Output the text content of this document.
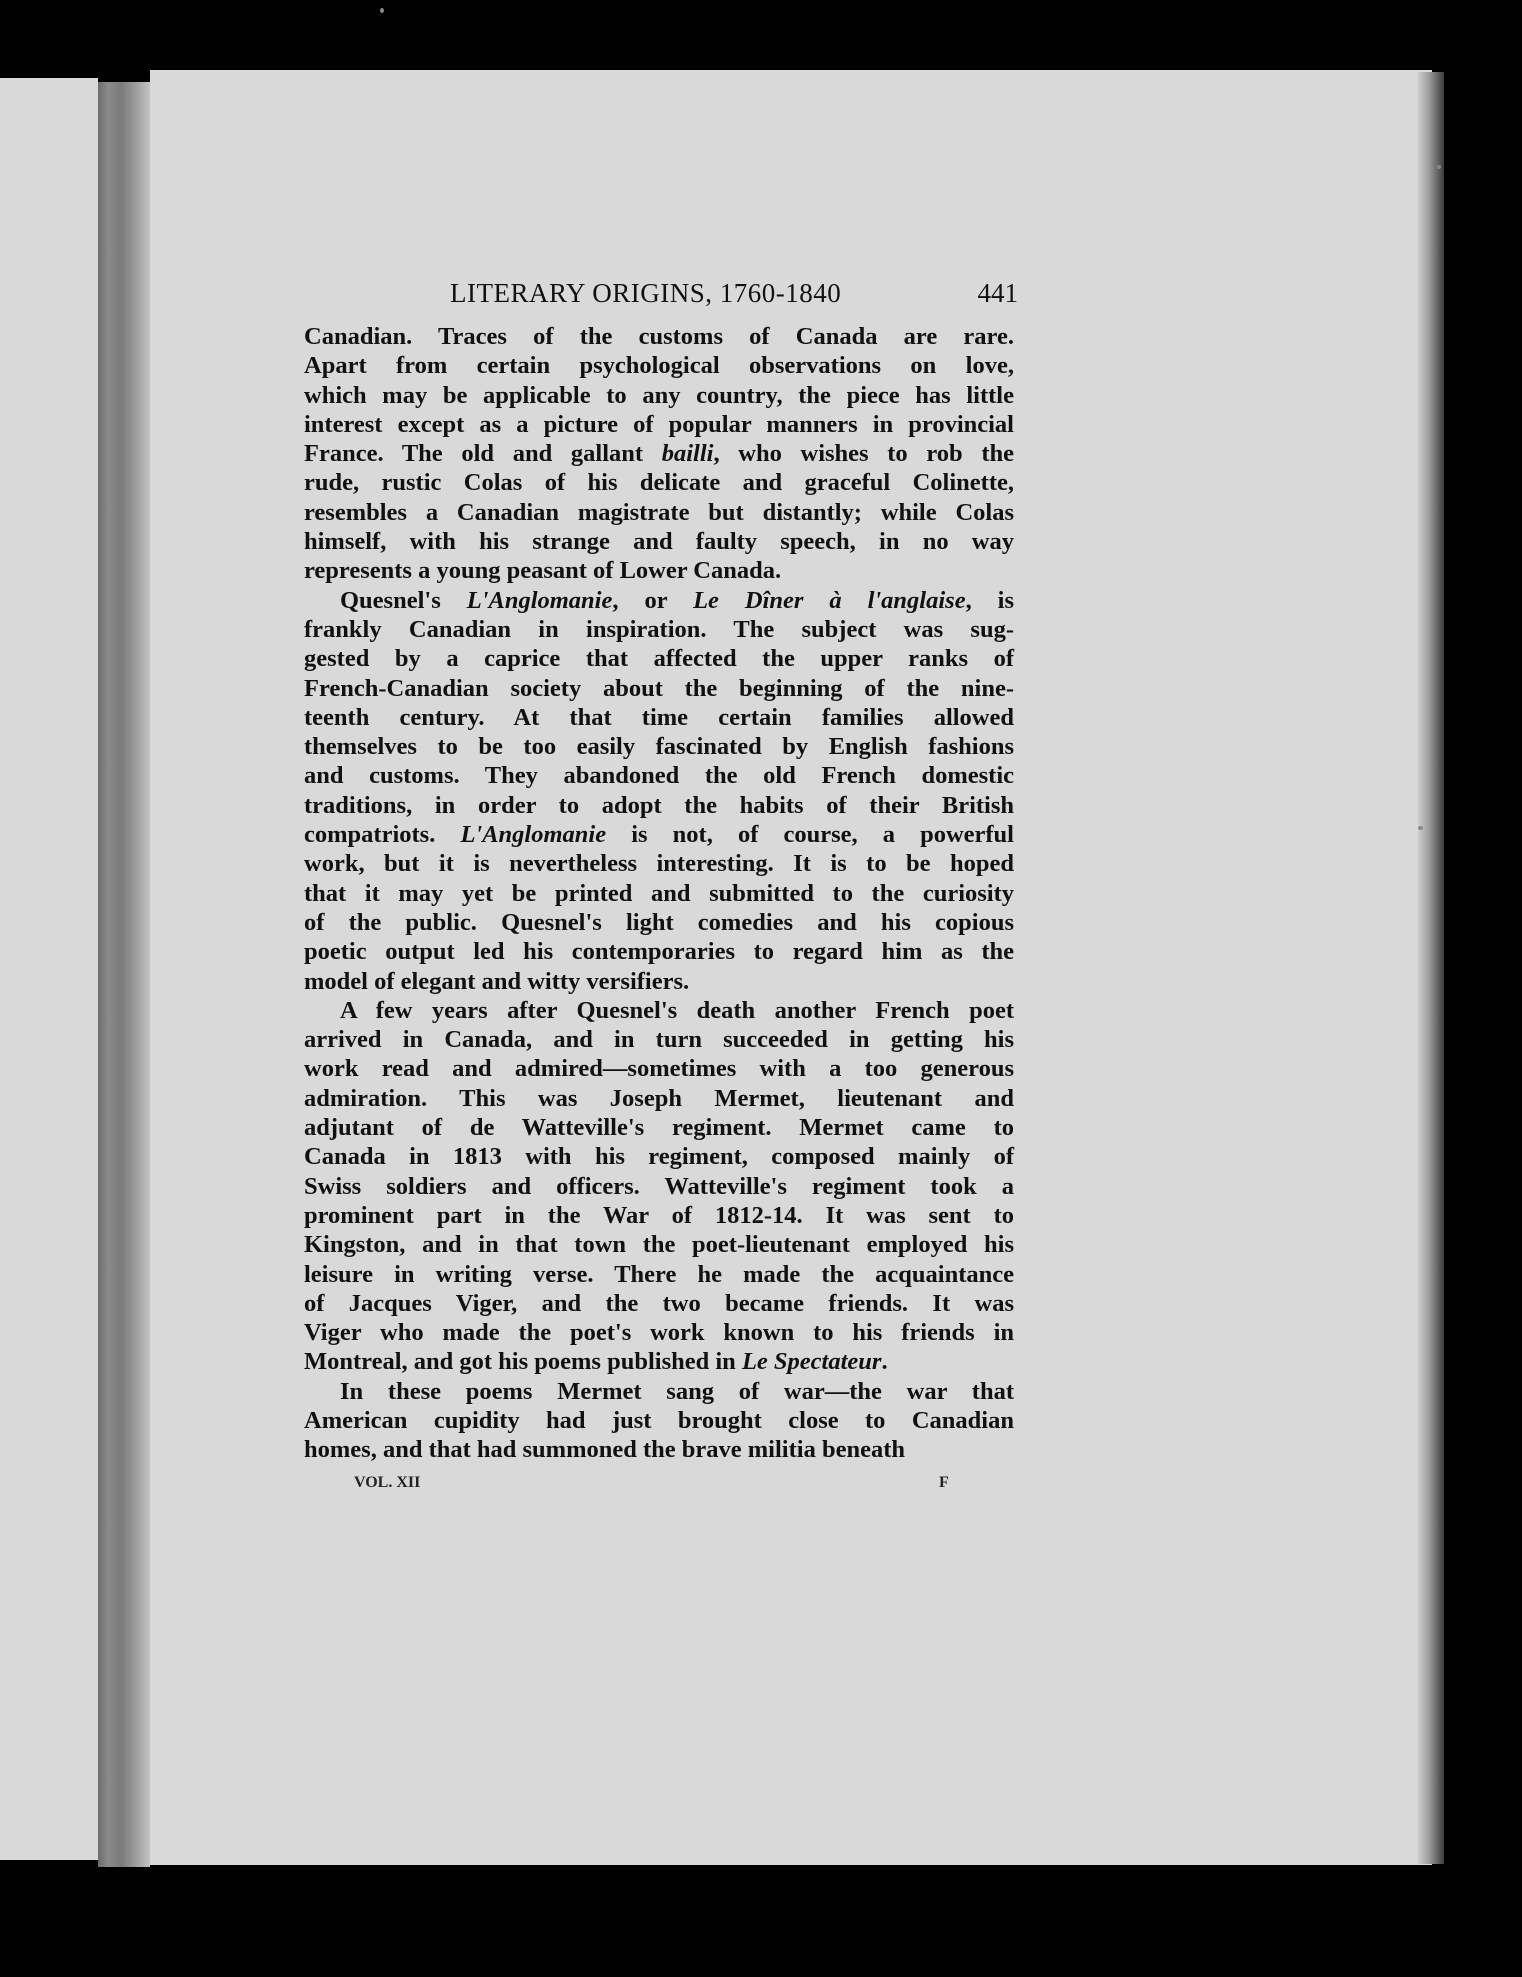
LITERARY ORIGINS, 1760-1840	441

Canadian. Traces of the customs of Canada are rare.
Apart from certain psychological observations on love,
which may be applicable to any country, the piece has little
interest except as a picture of popular manners in provincial
France. The old and gallant bailli, who wishes to rob the
rude, rustic Colas of his delicate and graceful Colinette,
resembles a Canadian magistrate but distantly; while Colas
himself, with his strange and faulty speech, in no way
represents a young peasant of Lower Canada.

Quesnel's L'Anglomanie, or Le Dîner à l'anglaise, is
frankly Canadian in inspiration. The subject was sug-
gested by a caprice that affected the upper ranks of
French-Canadian society about the beginning of the nine-
teenth century. At that time certain families allowed
themselves to be too easily fascinated by English fashions
and customs. They abandoned the old French domestic
traditions, in order to adopt the habits of their British
compatriots. L'Anglomanie is not, of course, a powerful
work, but it is nevertheless interesting. It is to be hoped
that it may yet be printed and submitted to the curiosity
of the public. Quesnel's light comedies and his copious
poetic output led his contemporaries to regard him as the
model of elegant and witty versifiers.

A few years after Quesnel's death another French poet
arrived in Canada, and in turn succeeded in getting his
work read and admired—sometimes with a too generous
admiration. This was Joseph Mermet, lieutenant and
adjutant of de Watteville's regiment. Mermet came to
Canada in 1813 with his regiment, composed mainly of
Swiss soldiers and officers. Watteville's regiment took a
prominent part in the War of 1812-14. It was sent to
Kingston, and in that town the poet-lieutenant employed his
leisure in writing verse. There he made the acquaintance
of Jacques Viger, and the two became friends. It was
Viger who made the poet's work known to his friends in
Montreal, and got his poems published in Le Spectateur.

In these poems Mermet sang of war—the war that
American cupidity had just brought close to Canadian
homes, and that had summoned the brave militia beneath

VOL. XII	F
